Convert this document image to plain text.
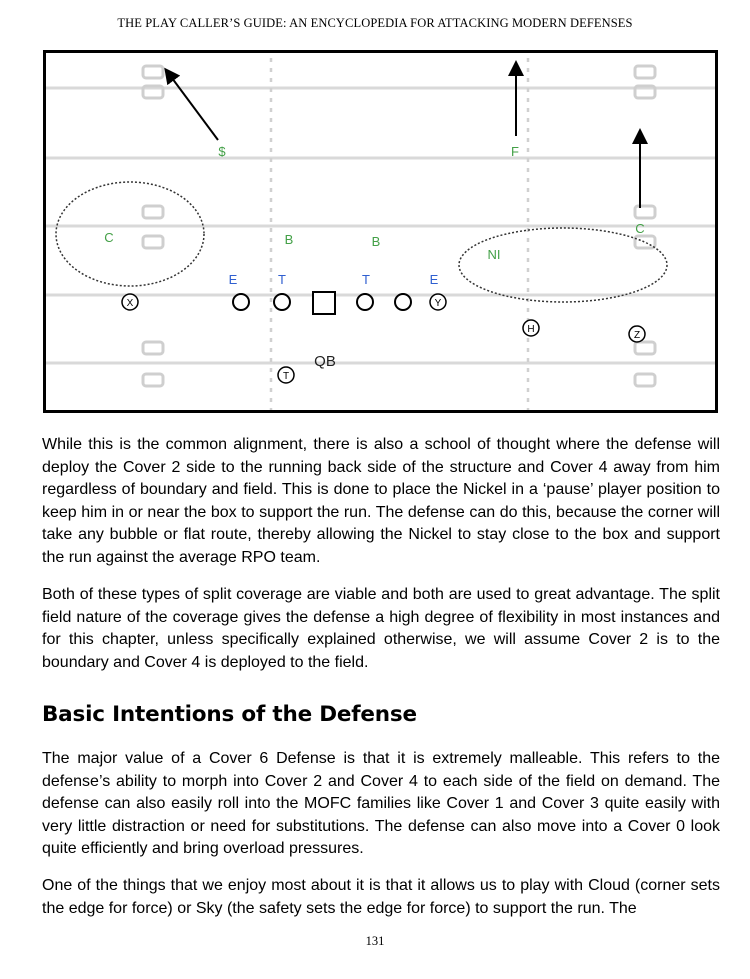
THE PLAY CALLER’S GUIDE: AN ENCYCLOPEDIA FOR ATTACKING MODERN DEFENSES
$	F
C
C
B	B
NI
E	T	T	E
X	Y
H
Z
T
QB

While this is the common alignment, there is also a school of thought where the defense will deploy the Cover 2 side to the running back side of the structure and Cover 4 away from him regardless of boundary and field. This is done to place the Nickel in a ‘pause’ player position to keep him in or near the box to support the run. The defense can do this, because the corner will take any bubble or flat route, thereby allowing the Nickel to stay close to the box and support the run against the average RPO team.

Both of these types of split coverage are viable and both are used to great advantage. The split field nature of the coverage gives the defense a high degree of flexibility in most instances and for this chapter, unless specifically explained otherwise, we will assume Cover 2 is to the boundary and Cover 4 is deployed to the field.

Basic Intentions of the Defense

The major value of a Cover 6 Defense is that it is extremely malleable. This refers to the defense’s ability to morph into Cover 2 and Cover 4 to each side of the field on demand. The defense can also easily roll into the MOFC families like Cover 1 and Cover 3 quite easily with very little distraction or need for substitutions. The defense can also move into a Cover 0 look quite efficiently and bring overload pressures.

One of the things that we enjoy most about it is that it allows us to play with Cloud (corner sets the edge for force) or Sky (the safety sets the edge for force) to support the run. The

131
